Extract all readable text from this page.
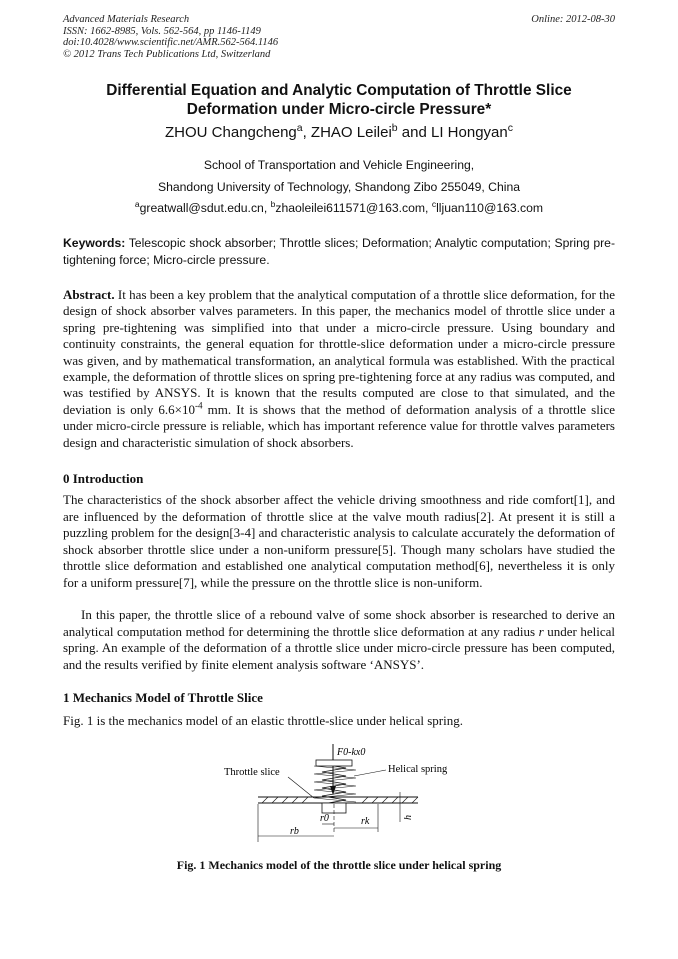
Advanced Materials Research
ISSN: 1662-8985, Vols. 562-564, pp 1146-1149
doi:10.4028/www.scientific.net/AMR.562-564.1146
© 2012 Trans Tech Publications Ltd, Switzerland
Online: 2012-08-30
Differential Equation and Analytic Computation of Throttle Slice
Deformation under Micro-circle Pressure*
ZHOU Changcheng$^a$, ZHAO Leilei$^b$ and LI Hongyan$^c$
School of Transportation and Vehicle Engineering,
Shandong University of Technology, Shandong Zibo 255049, China
$^a$greatwall@sdut.edu.cn, $^b$zhaoleilei611571@163.com, $^c$lljuan110@163.com
Keywords: Telescopic shock absorber; Throttle slices; Deformation; Analytic computation; Spring pre-tightening force; Micro-circle pressure.
Abstract. It has been a key problem that the analytical computation of a throttle slice deformation, for the design of shock absorber valves parameters. In this paper, the mechanics model of throttle slice under a spring pre-tightening was simplified into that under a micro-circle pressure. Using boundary and continuity constraints, the general equation for throttle-slice deformation under a micro-circle pressure was given, and by mathematical transformation, an analytical formula was established. With the practical example, the deformation of throttle slices on spring pre-tightening force at any radius was computed, and was testified by ANSYS. It is known that the results computed are close to that simulated, and the deviation is only $6.6\times 10^{-4}$ mm. It is shows that the method of deformation analysis of a throttle slice under micro-circle pressure is reliable, which has important reference value for throttle valves parameters design and characteristic simulation of shock absorbers.
0 Introduction
The characteristics of the shock absorber affect the vehicle driving smoothness and ride comfort[1], and are influenced by the deformation of throttle slice at the valve mouth radius[2]. At present it is still a puzzling problem for the design[3-4] and characteristic analysis to calculate accurately the deformation of shock absorber throttle slice under a non-uniform pressure[5]. Though many scholars have studied the throttle slice deformation and established one analytical computation method[6], nevertheless it is only for a uniform pressure[7], while the pressure on the throttle slice is non-uniform.
In this paper, the throttle slice of a rebound valve of some shock absorber is researched to derive an analytical computation method for determining the throttle slice deformation at any radius r under helical spring. An example of the deformation of a throttle slice under micro-circle pressure has been computed, and the results verified by finite element analysis software ‘ANSYS’.
1 Mechanics Model of Throttle Slice
Fig. 1 is the mechanics model of an elastic throttle-slice under helical spring.
F0-kx0
rb
r0	rk	h
Throttle slice	Helical spring
Fig. 1 Mechanics model of the throttle slice under helical spring
